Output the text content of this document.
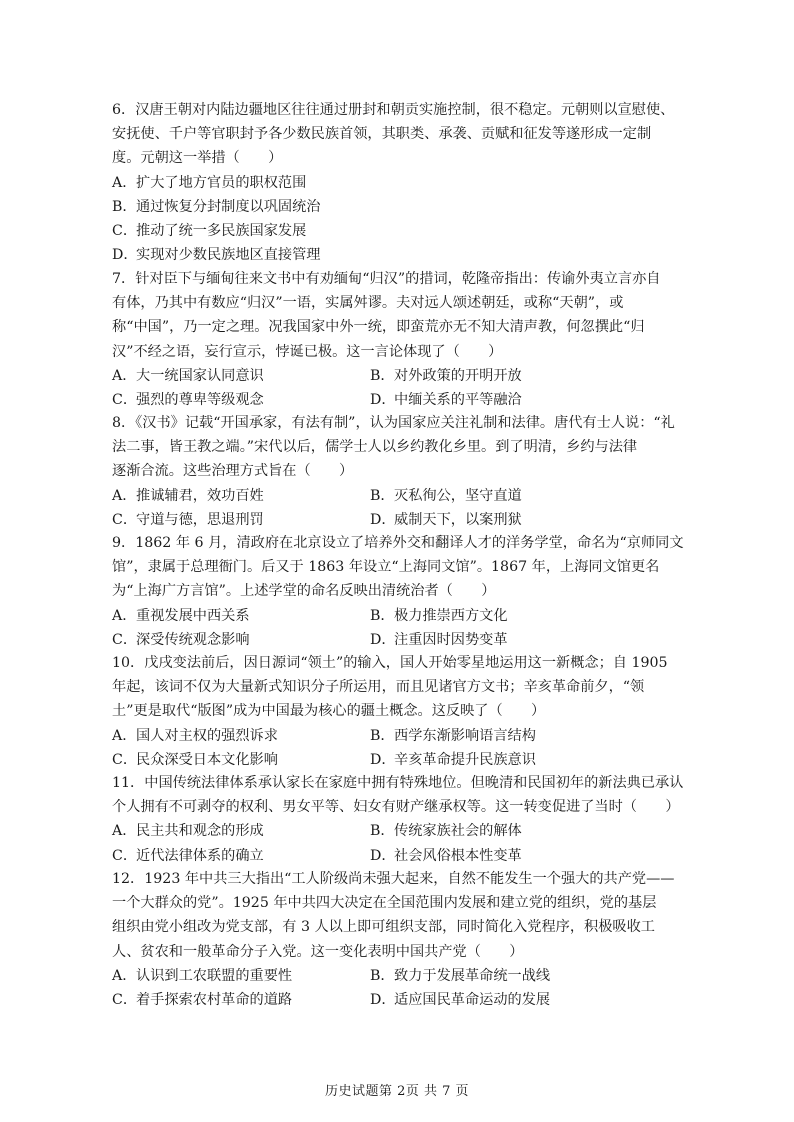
6．汉唐王朝对内陆边疆地区往往通过册封和朝贡实施控制，很不稳定。元朝则以宣慰使、
安抚使、千户等官职封予各少数民族首领，其职类、承袭、贡赋和征发等遂形成一定制
度。元朝这一举措（　　）
A．扩大了地方官员的职权范围
B．通过恢复分封制度以巩固统治
C．推动了统一多民族国家发展
D．实现对少数民族地区直接管理
7．针对臣下与缅甸往来文书中有劝缅甸“归汉”的措词，乾隆帝指出：传谕外夷立言亦自
有体，乃其中有数应“归汉”一语，实属舛谬。夫对远人颂述朝廷，或称“天朝”，或
称“中国”，乃一定之理。况我国家中外一统，即蛮荒亦无不知大清声教，何忽撰此“归
汉”不经之语，妄行宣示，悖诞已极。这一言论体现了（　　）
A．大一统国家认同意识	B．对外政策的开明开放
C．强烈的尊卑等级观念	D．中缅关系的平等融洽
8．《汉书》记载“开国承家，有法有制”，认为国家应关注礼制和法律。唐代有士人说：“礼
法二事，皆王教之端。”宋代以后，儒学士人以乡约教化乡里。到了明清，乡约与法律
逐渐合流。这些治理方式旨在（　　）
A．推诚辅君，效功百姓	B．灭私徇公，坚守直道
C．守道与德，思退刑罚	D．威制天下，以案刑狱
9．1862 年 6 月，清政府在北京设立了培养外交和翻译人才的洋务学堂，命名为“京师同文
馆”，隶属于总理衙门。后又于 1863 年设立“上海同文馆”。1867 年，上海同文馆更名
为“上海广方言馆”。上述学堂的命名反映出清统治者（　　）
A．重视发展中西关系	B．极力推崇西方文化
C．深受传统观念影响	D．注重因时因势变革
10．戊戌变法前后，因日源词“领土”的输入，国人开始零星地运用这一新概念；自 1905
年起，该词不仅为大量新式知识分子所运用，而且见诸官方文书；辛亥革命前夕，“领
土”更是取代“版图”成为中国最为核心的疆土概念。这反映了（　　）
A．国人对主权的强烈诉求	B．西学东渐影响语言结构
C．民众深受日本文化影响	D．辛亥革命提升民族意识
11．中国传统法律体系承认家长在家庭中拥有特殊地位。但晚清和民国初年的新法典已承认
个人拥有不可剥夺的权利、男女平等、妇女有财产继承权等。这一转变促进了当时（　　）
A．民主共和观念的形成	B．传统家族社会的解体
C．近代法律体系的确立	D．社会风俗根本性变革
12．1923 年中共三大指出“工人阶级尚未强大起来，自然不能发生一个强大的共产党——
一个大群众的党”。1925 年中共四大决定在全国范围内发展和建立党的组织，党的基层
组织由党小组改为党支部，有 3 人以上即可组织支部，同时简化入党程序，积极吸收工
人、贫农和一般革命分子入党。这一变化表明中国共产党（　　）
A．认识到工农联盟的重要性	B．致力于发展革命统一战线
C．着手探索农村革命的道路	D．适应国民革命运动的发展
历史试题第 2页 共 7 页
